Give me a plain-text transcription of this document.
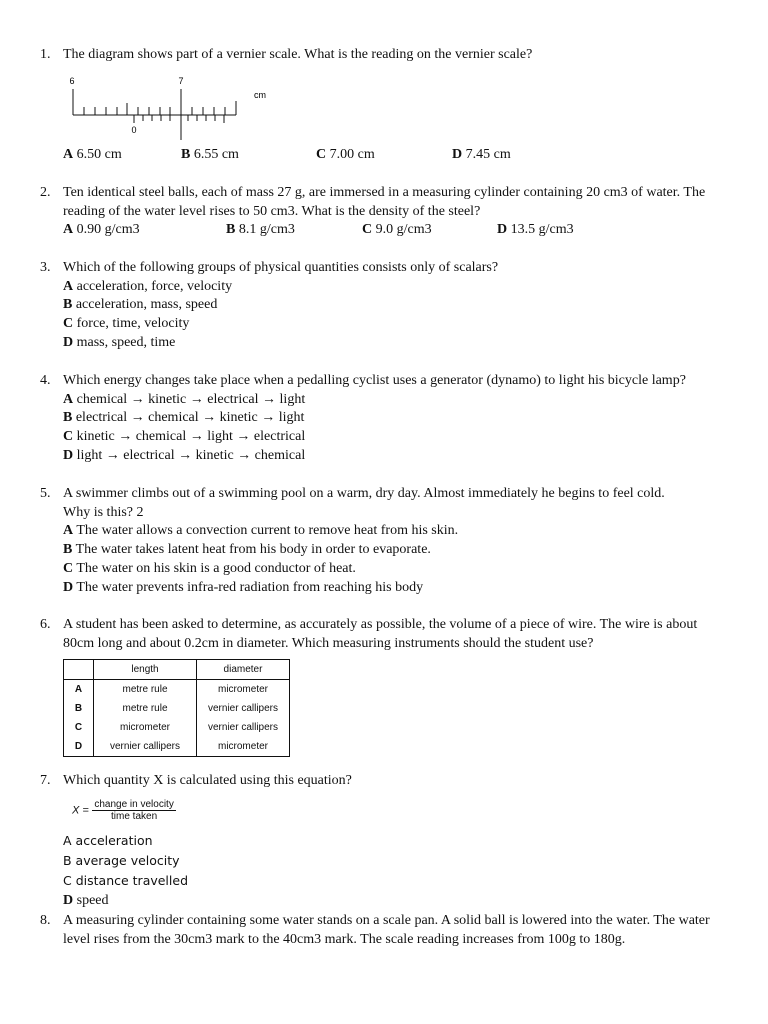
1. The diagram shows part of a vernier scale. What is the reading on the vernier scale?
6	7
cm
0
A 6.50 cm	B 6.55 cm	C 7.00 cm	D 7.45 cm
2. Ten identical steel balls, each of mass 27 g, are immersed in a measuring cylinder containing 20 cm3 of water. The
reading of the water level rises to 50 cm3. What is the density of the steel?
A 0.90 g/cm3	B 8.1 g/cm3	C 9.0 g/cm3	D 13.5 g/cm3
3. Which of the following groups of physical quantities consists only of scalars?
A acceleration, force, velocity
B acceleration, mass, speed
C force, time, velocity
D mass, speed, time
4. Which energy changes take place when a pedalling cyclist uses a generator (dynamo) to light his bicycle lamp?
A chemical → kinetic → electrical → light
B electrical → chemical → kinetic → light
C kinetic → chemical → light → electrical
D light → electrical → kinetic → chemical
5. A swimmer climbs out of a swimming pool on a warm, dry day. Almost immediately he begins to feel cold.
Why is this? 2
A The water allows a convection current to remove heat from his skin.
B The water takes latent heat from his body in order to evaporate.
C The water on his skin is a good conductor of heat.
D The water prevents infra-red radiation from reaching his body
6. A student has been asked to determine, as accurately as possible, the volume of a piece of wire. The wire is about
80cm long and about 0.2cm in diameter. Which measuring instruments should the student use?
	length	diameter
A	metre rule	micrometer
B	metre rule	vernier callipers
C	micrometer	vernier callipers
D	vernier callipers	micrometer
7. Which quantity X is calculated using this equation?
$X = \frac{\text{change in velocity}}{\text{time taken}}$
A acceleration
B average velocity
C distance travelled
D speed
8. A measuring cylinder containing some water stands on a scale pan. A solid ball is lowered into the water. The water
level rises from the 30cm3 mark to the 40cm3 mark. The scale reading increases from 100g to 180g.
